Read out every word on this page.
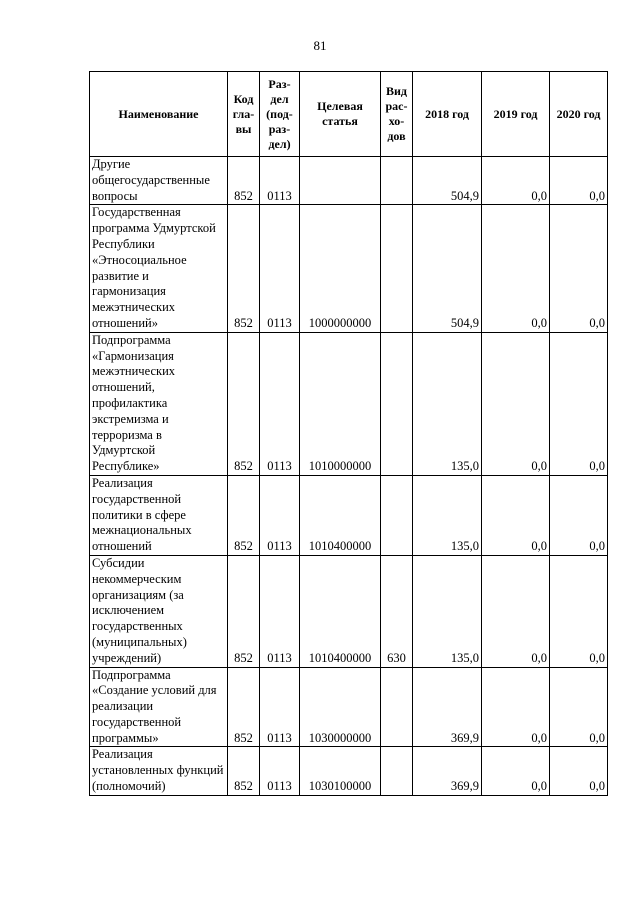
81
Наименование	Код гла- вы	Раз- дел (под- раз- дел)	Целевая статья	Вид рас- хо- дов	2018 год	2019 год	2020 год
Другие общегосударственные вопросы	852	0113			504,9	0,0	0,0
Государственная программа Удмуртской Республики «Этносоциальное развитие и гармонизация межэтнических отношений»	852	0113	1000000000		504,9	0,0	0,0
Подпрограмма «Гармонизация межэтнических отношений, профилактика экстремизма и терроризма в Удмуртской Республике»	852	0113	1010000000		135,0	0,0	0,0
Реализация государственной политики в сфере межнациональных отношений	852	0113	1010400000		135,0	0,0	0,0
Субсидии некоммерческим организациям (за исключением государственных (муниципальных) учреждений)	852	0113	1010400000	630	135,0	0,0	0,0
Подпрограмма «Создание условий для реализации государственной программы»	852	0113	1030000000		369,9	0,0	0,0
Реализация установленных функций (полномочий)	852	0113	1030100000		369,9	0,0	0,0
